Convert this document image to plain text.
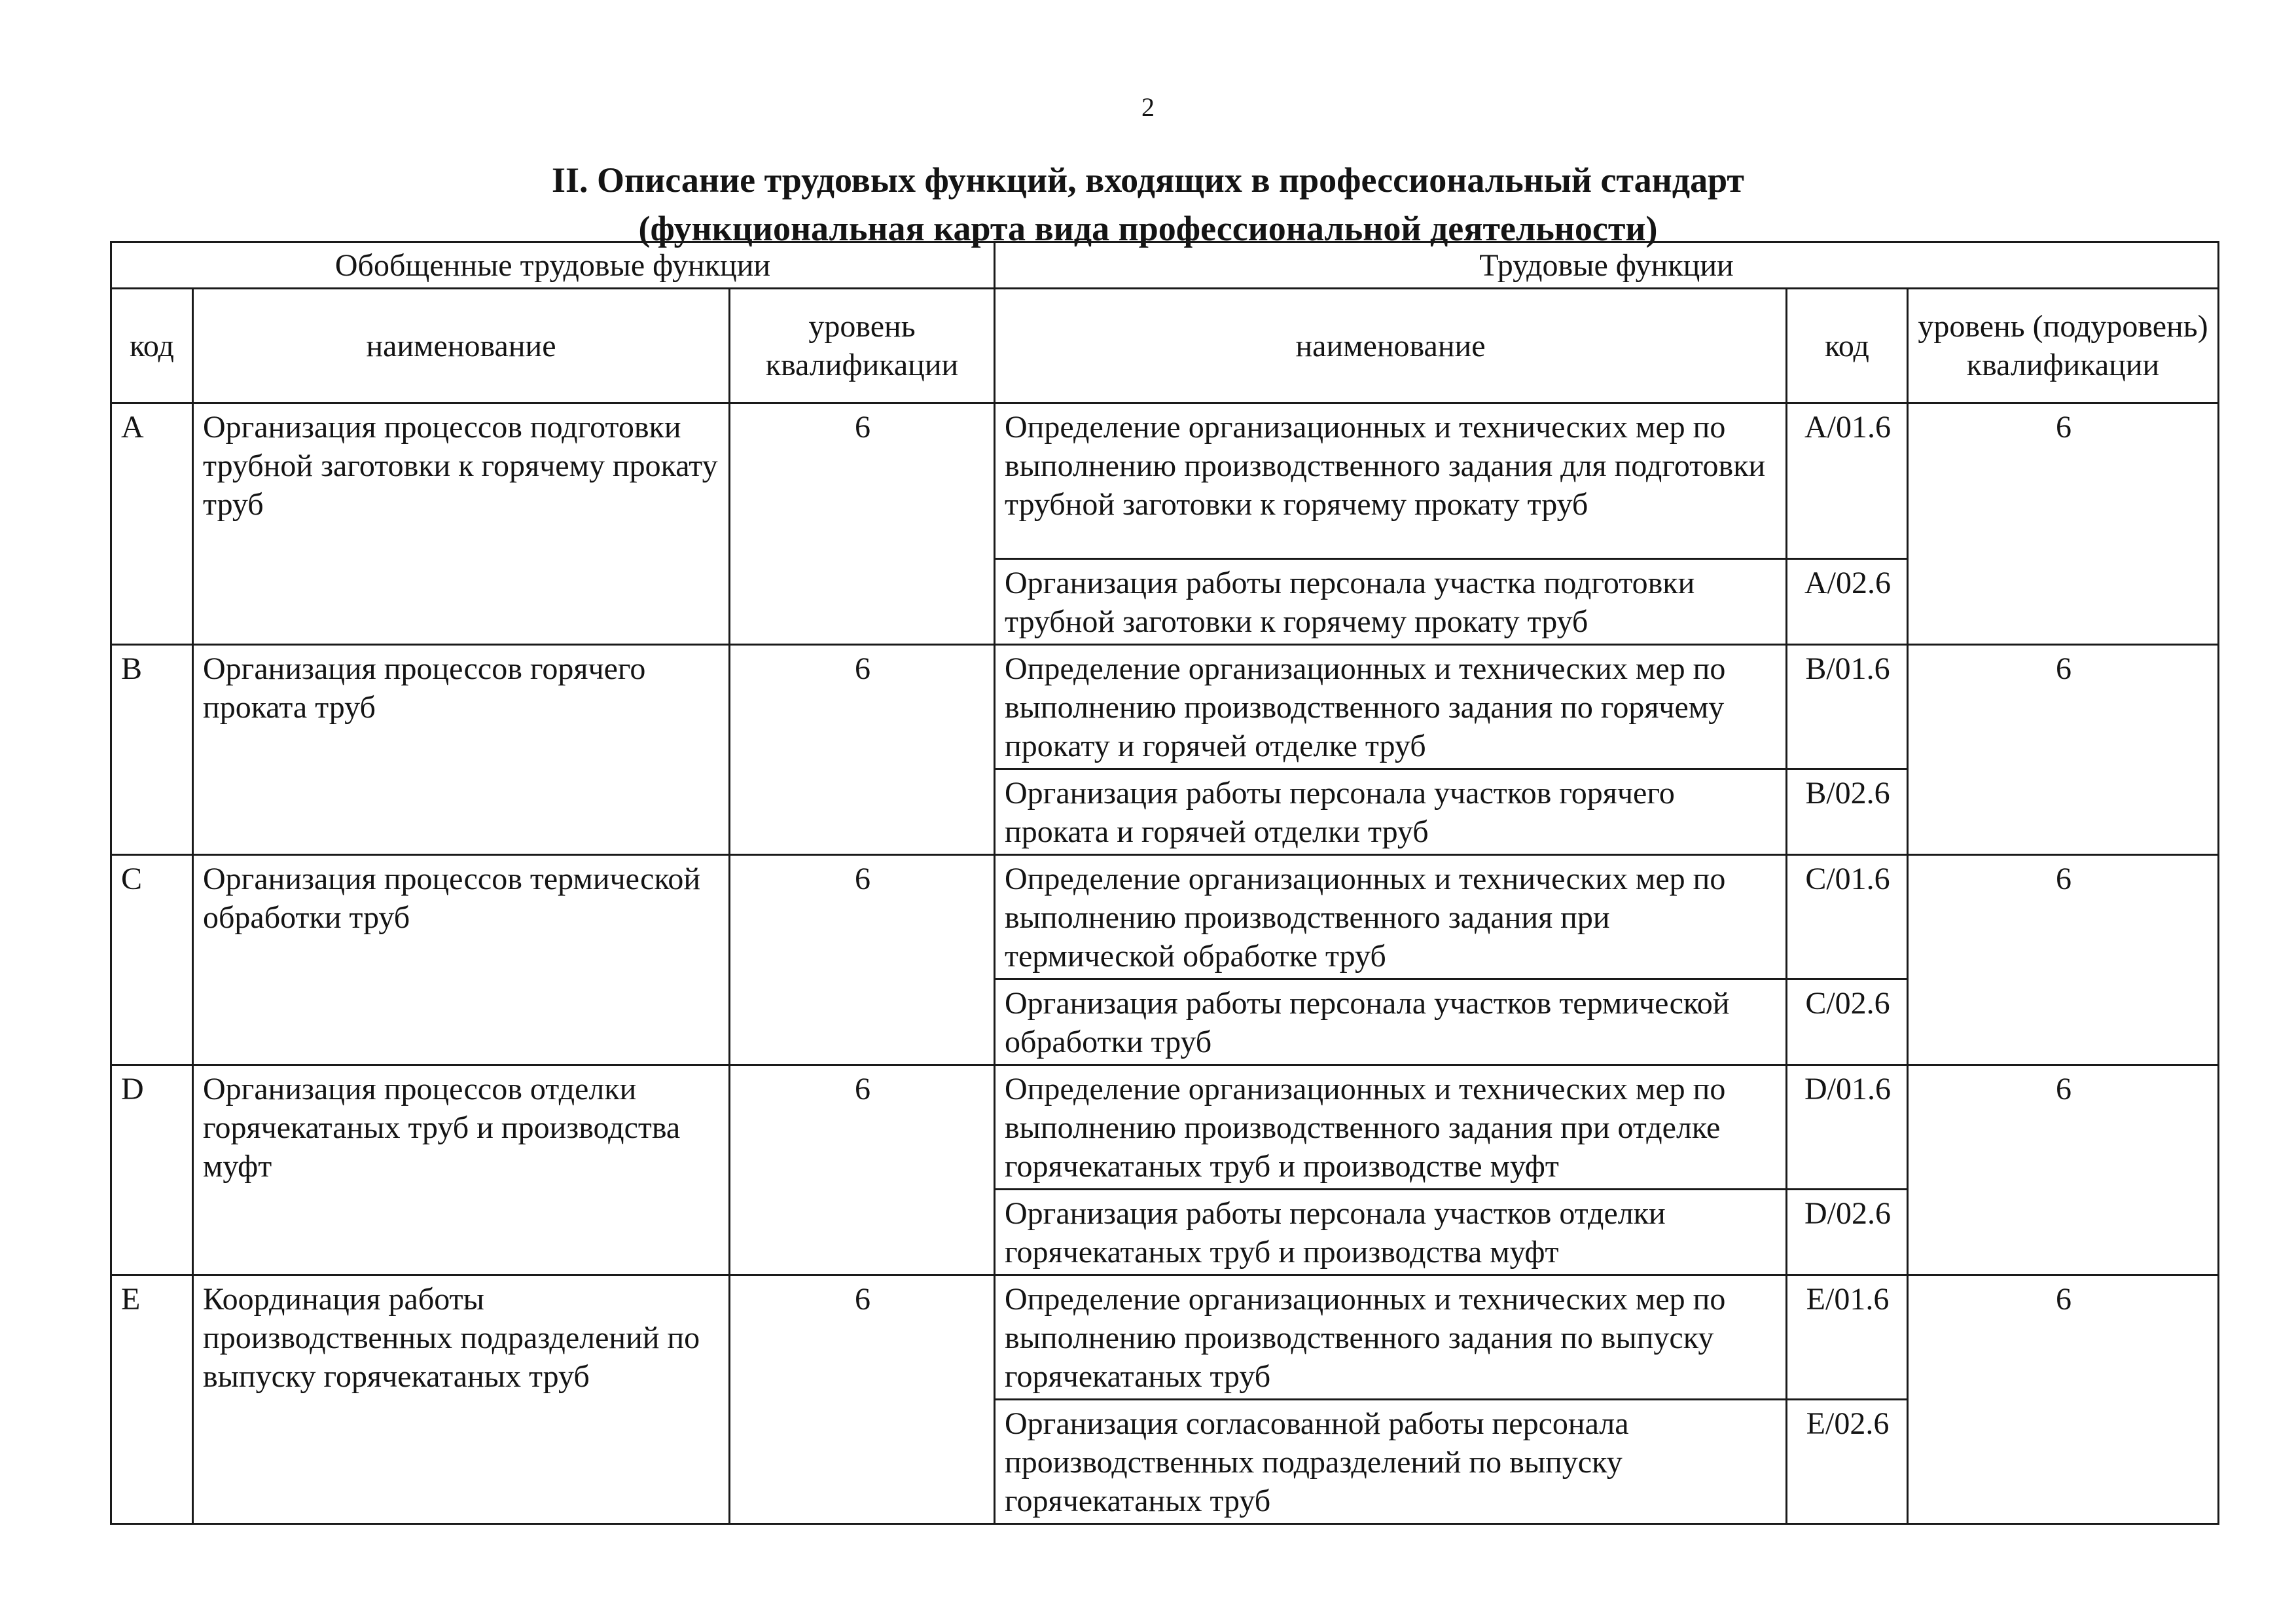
2
II. Описание трудовых функций, входящих в профессиональный стандарт
(функциональная карта вида профессиональной деятельности)
Обобщенные трудовые функции			Трудовые функции		
код	наименование	уровень квалификации	наименование	код	уровень (подуровень) квалификации
A	Организация процессов подготовки трубной заготовки к горячему прокату труб	6	Определение организационных и технических мер по выполнению производственного задания для подготовки трубной заготовки к горячему прокату труб	A/01.6	6
			Организация работы персонала участка подготовки трубной заготовки к горячему прокату труб	A/02.6	
B	Организация процессов горячего проката труб	6	Определение организационных и технических мер по выполнению производственного задания по горячему прокату и горячей отделке труб	B/01.6	6
			Организация работы персонала участков горячего проката и горячей отделки труб	B/02.6	
C	Организация процессов термической обработки труб	6	Определение организационных и технических мер по выполнению производственного задания при термической обработке труб	C/01.6	6
			Организация работы персонала участков термической обработки труб	C/02.6	
D	Организация процессов отделки горячекатаных труб и производства муфт	6	Определение организационных и технических мер по выполнению производственного задания при отделке горячекатаных труб и производстве муфт	D/01.6	6
			Организация работы персонала участков отделки горячекатаных труб и производства муфт	D/02.6	
E	Координация работы производственных подразделений по выпуску горячекатаных труб	6	Определение организационных и технических мер по выполнению производственного задания по выпуску горячекатаных труб	E/01.6	6
			Организация согласованной работы персонала производственных подразделений по выпуску горячекатаных труб	E/02.6	
